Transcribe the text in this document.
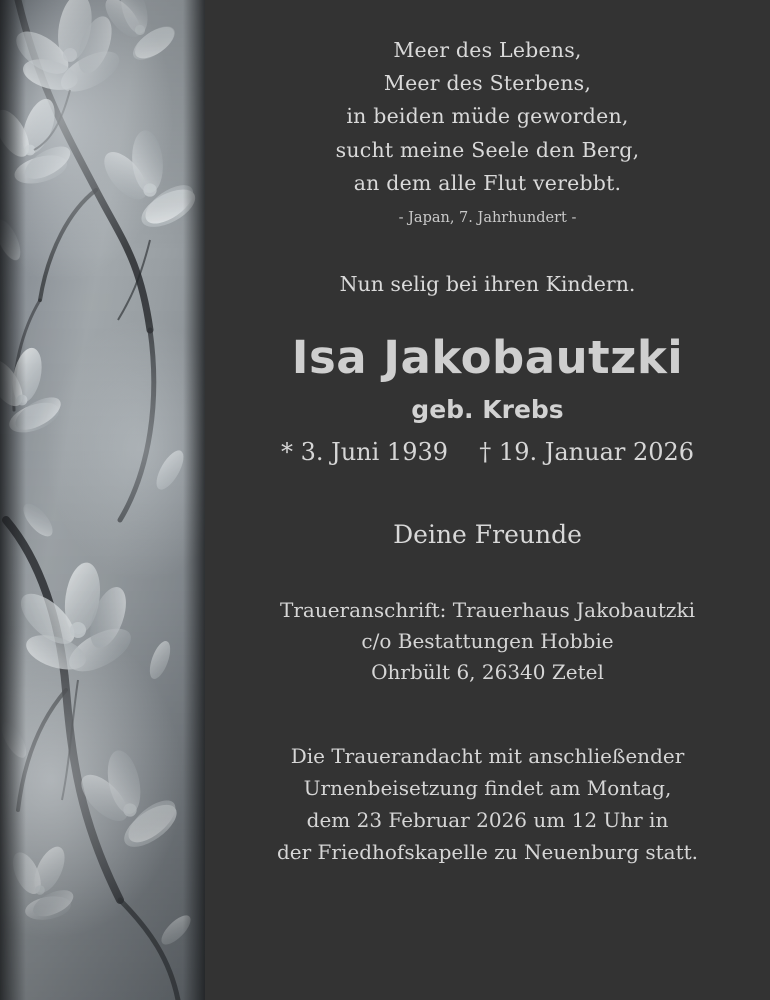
Meer des Lebens,
Meer des Sterbens,
in beiden müde geworden,
sucht meine Seele den Berg,
an dem alle Flut verebbt.
- Japan, 7. Jahrhundert -
Nun selig bei ihren Kindern.
Isa Jakobautzki
geb. Krebs
* 3. Juni 1939 † 19. Januar 2026
Deine Freunde
Traueranschrift: Trauerhaus Jakobautzki
c/o Bestattungen Hobbie
Ohrbült 6, 26340 Zetel
Die Trauerandacht mit anschließender
Urnenbeisetzung findet am Montag,
dem 23 Februar 2026 um 12 Uhr in
der Friedhofskapelle zu Neuenburg statt.
